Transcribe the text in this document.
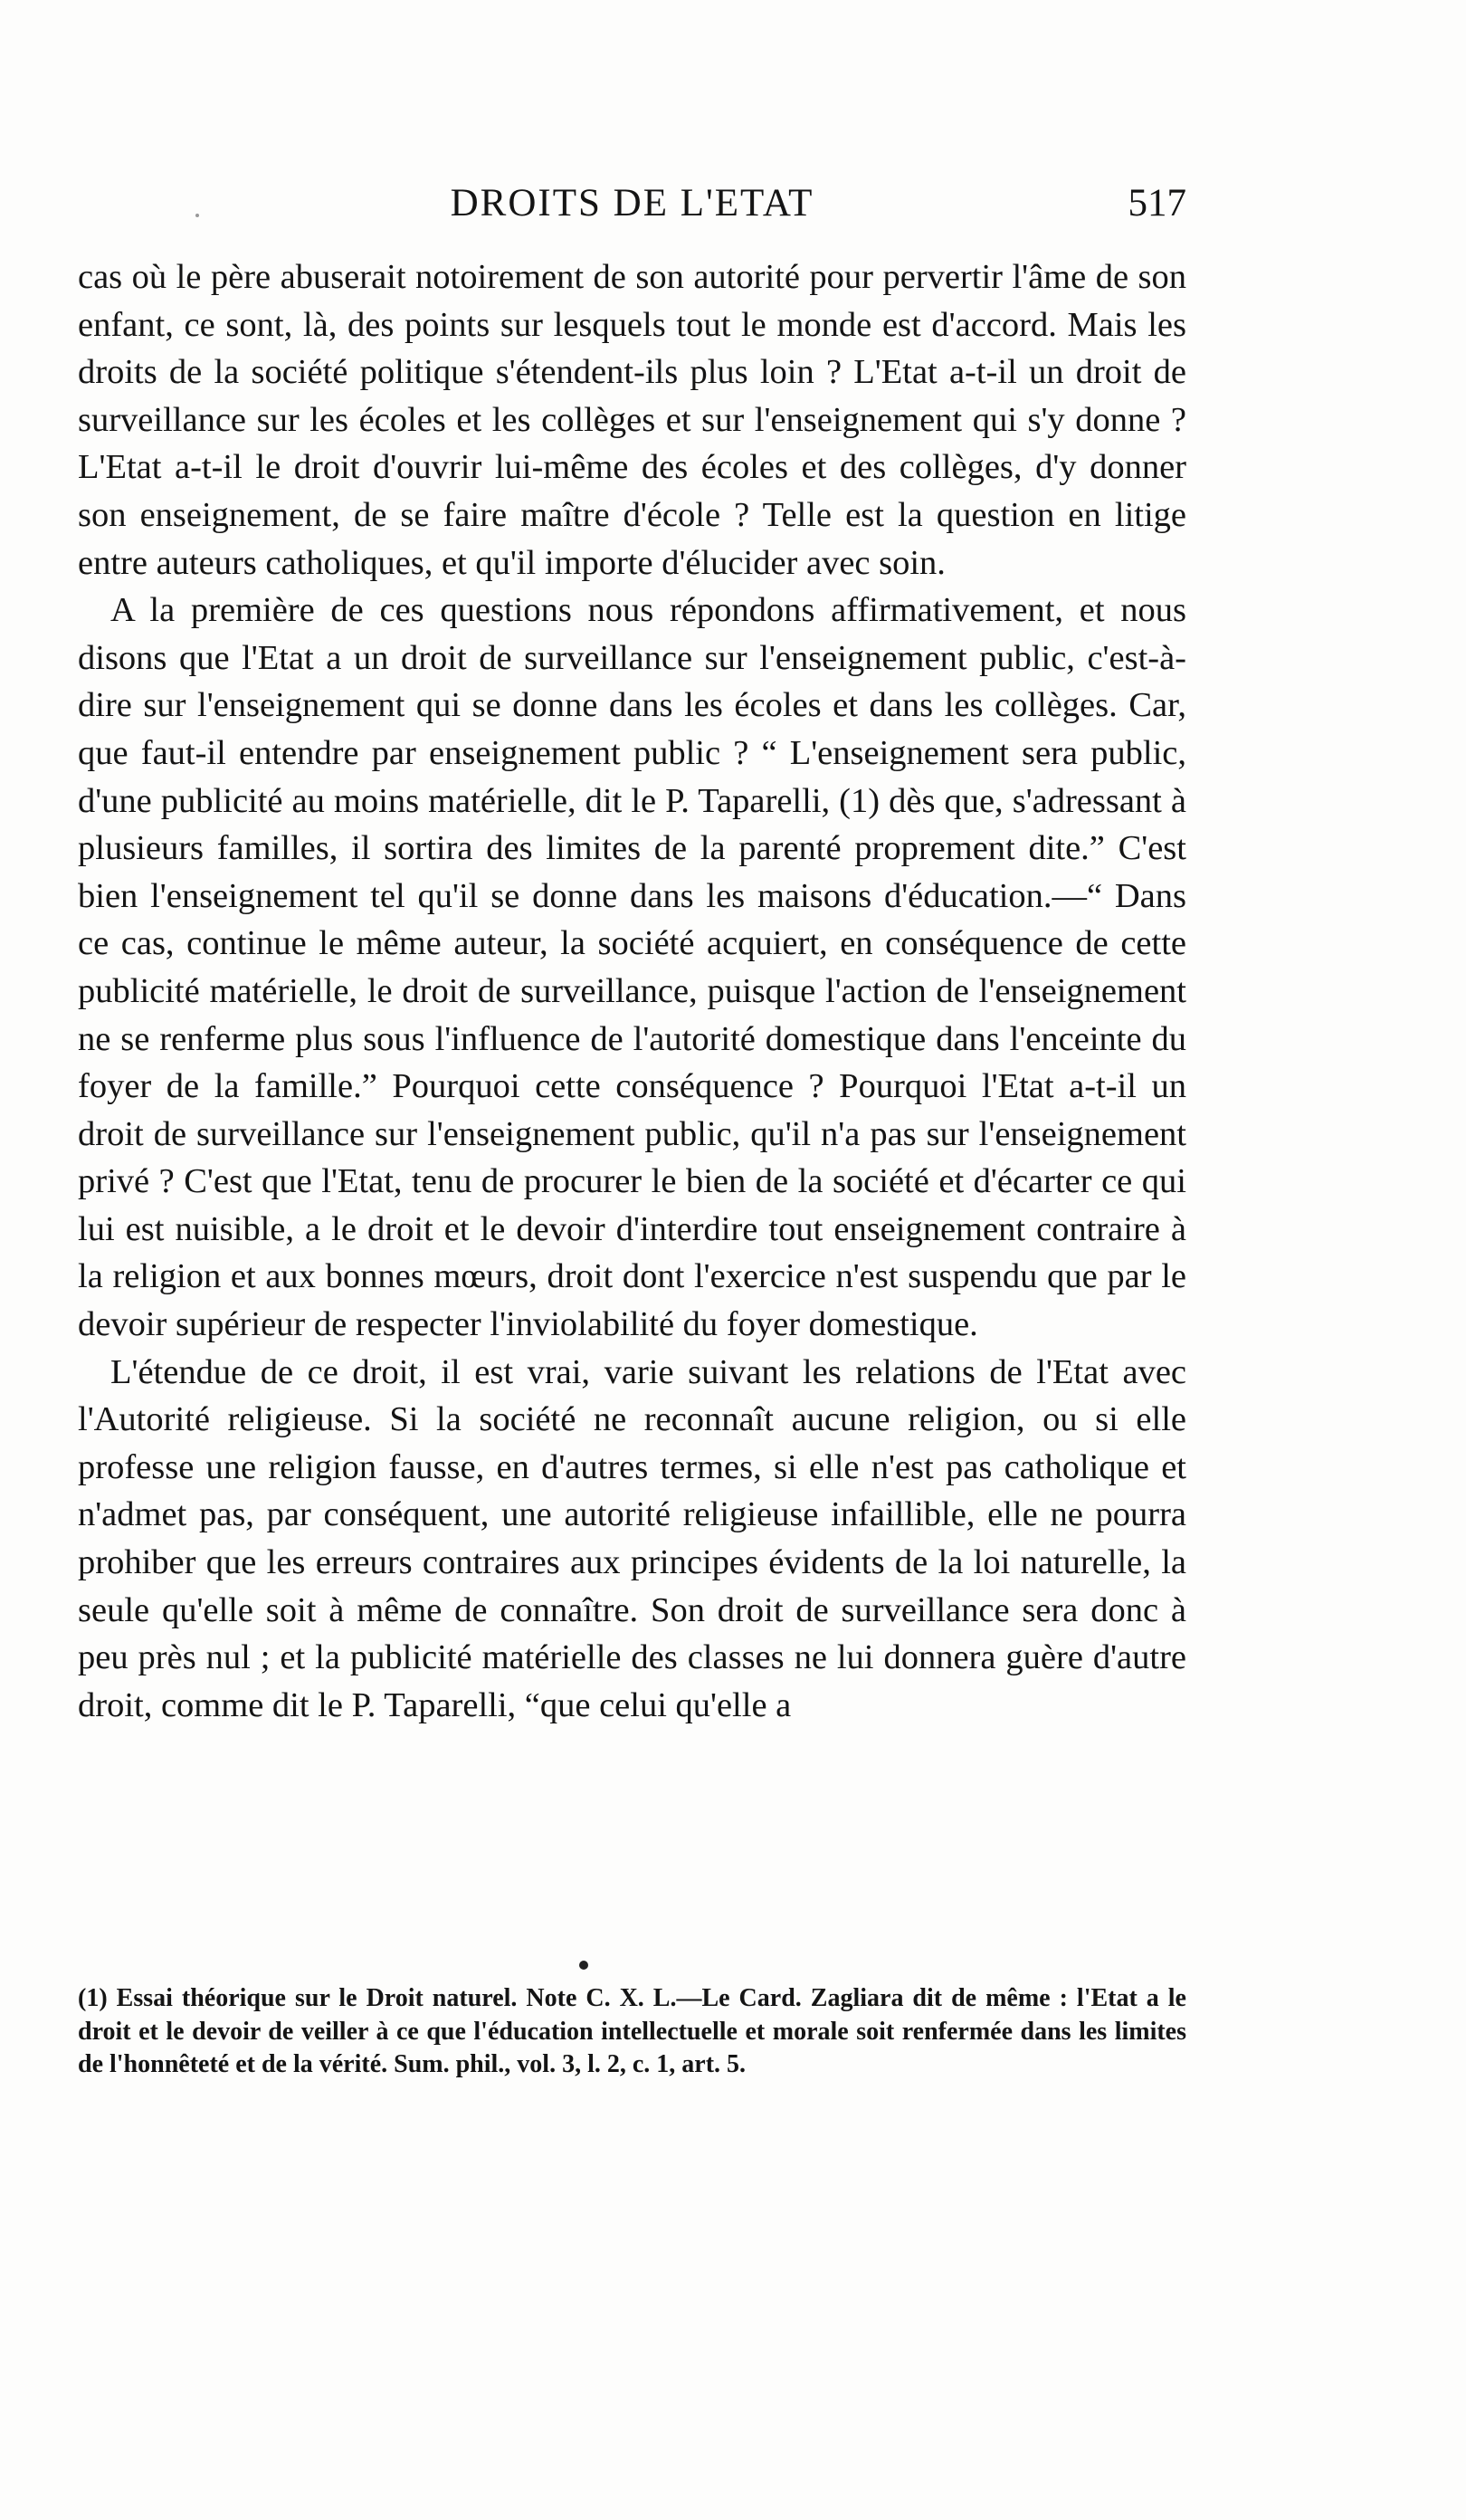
DROITS DE L'ETAT	517

cas où le père abuserait notoirement de son autorité pour pervertir l'âme de son enfant, ce sont, là, des points sur lesquels tout le monde est d'accord. Mais les droits de la société politique s'étendent-ils plus loin ? L'Etat a-t-il un droit de surveillance sur les écoles et les collèges et sur l'enseignement qui s'y donne ? L'Etat a-t-il le droit d'ouvrir lui-même des écoles et des collèges, d'y donner son enseignement, de se faire maître d'école ? Telle est la question en litige entre auteurs catholiques, et qu'il importe d'élucider avec soin.

A la première de ces questions nous répondons affirmativement, et nous disons que l'Etat a un droit de surveillance sur l'enseignement public, c'est-à-dire sur l'enseignement qui se donne dans les écoles et dans les collèges. Car, que faut-il entendre par enseignement public ? “ L'enseignement sera public, d'une publicité au moins matérielle, dit le P. Taparelli, (1) dès que, s'adressant à plusieurs familles, il sortira des limites de la parenté proprement dite.” C'est bien l'enseignement tel qu'il se donne dans les maisons d'éducation.—“ Dans ce cas, continue le même auteur, la société acquiert, en conséquence de cette publicité matérielle, le droit de surveillance, puisque l'action de l'enseignement ne se renferme plus sous l'influence de l'autorité domestique dans l'enceinte du foyer de la famille.” Pourquoi cette conséquence ? Pourquoi l'Etat a-t-il un droit de surveillance sur l'enseignement public, qu'il n'a pas sur l'enseignement privé ? C'est que l'Etat, tenu de procurer le bien de la société et d'écarter ce qui lui est nuisible, a le droit et le devoir d'interdire tout enseignement contraire à la religion et aux bonnes mœurs, droit dont l'exercice n'est suspendu que par le devoir supérieur de respecter l'inviolabilité du foyer domestique.

L'étendue de ce droit, il est vrai, varie suivant les relations de l'Etat avec l'Autorité religieuse. Si la société ne reconnaît aucune religion, ou si elle professe une religion fausse, en d'autres termes, si elle n'est pas catholique et n'admet pas, par conséquent, une autorité religieuse infaillible, elle ne pourra prohiber que les erreurs contraires aux principes évidents de la loi naturelle, la seule qu'elle soit à même de connaître. Son droit de surveillance sera donc à peu près nul ; et la publicité matérielle des classes ne lui donnera guère d'autre droit, comme dit le P. Taparelli, “que celui qu'elle a

(1) Essai théorique sur le Droit naturel. Note C. X. L.—Le Card. Zagliara dit de même : l'Etat a le droit et le devoir de veiller à ce que l'éducation intellectuelle et morale soit renfermée dans les limites de l'honnêteté et de la vérité. Sum. phil., vol. 3, l. 2, c. 1, art. 5.
